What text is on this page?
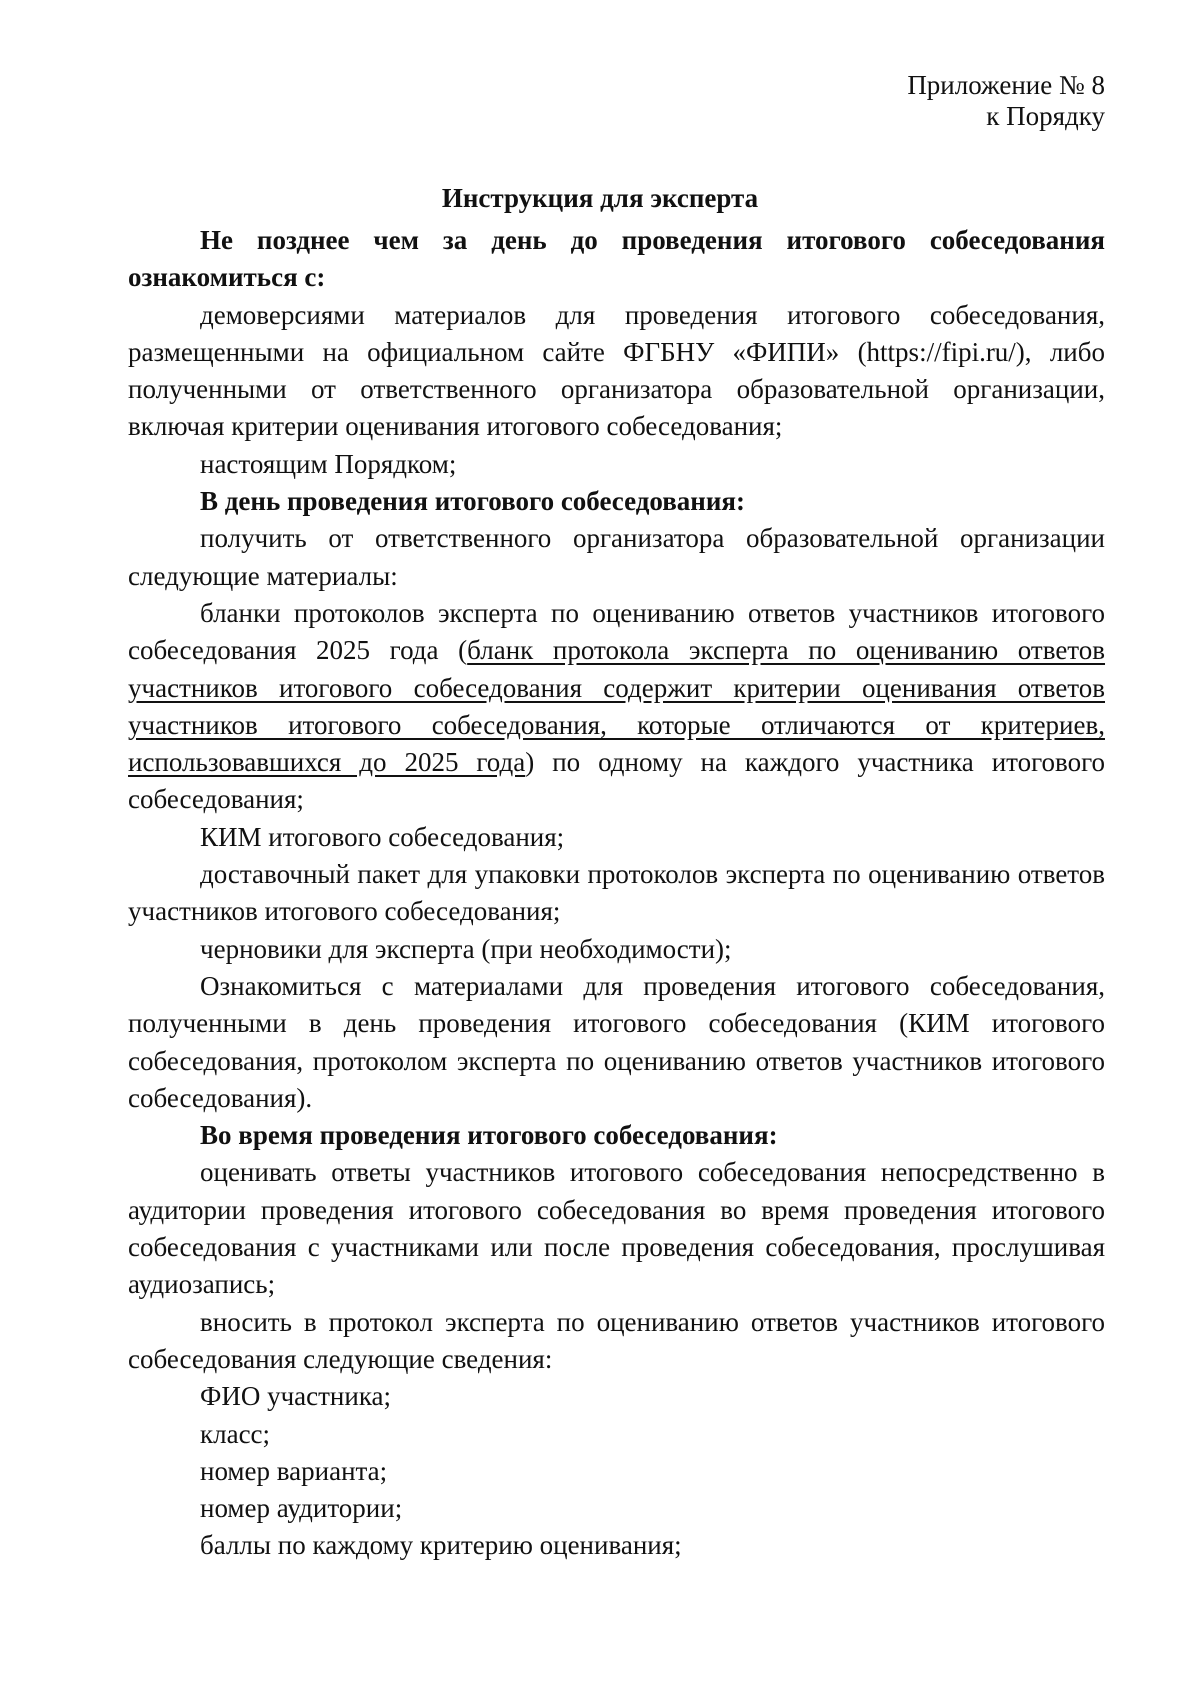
Приложение № 8
к Порядку
Инструкция для эксперта

Не позднее чем за день до проведения итогового собеседования ознакомиться с:

демоверсиями материалов для проведения итогового собеседования, размещенными на официальном сайте ФГБНУ «ФИПИ» (https://fipi.ru/), либо полученными от ответственного организатора образовательной организации, включая критерии оценивания итогового собеседования;

настоящим Порядком;

В день проведения итогового собеседования:

получить от ответственного организатора образовательной организации следующие материалы:

бланки протоколов эксперта по оцениванию ответов участников итогового собеседования 2025 года (бланк протокола эксперта по оцениванию ответов участников итогового собеседования содержит критерии оценивания ответов участников итогового собеседования, которые отличаются от критериев, использовавшихся до 2025 года) по одному на каждого участника итогового собеседования;

КИМ итогового собеседования;

доставочный пакет для упаковки протоколов эксперта по оцениванию ответов участников итогового собеседования;

черновики для эксперта (при необходимости);

Ознакомиться с материалами для проведения итогового собеседования, полученными в день проведения итогового собеседования (КИМ итогового собеседования, протоколом эксперта по оцениванию ответов участников итогового собеседования).

Во время проведения итогового собеседования:

оценивать ответы участников итогового собеседования непосредственно в аудитории проведения итогового собеседования во время проведения итогового собеседования с участниками или после проведения собеседования, прослушивая аудиозапись;

вносить в протокол эксперта по оцениванию ответов участников итогового собеседования следующие сведения:

ФИО участника;

класс;

номер варианта;

номер аудитории;

баллы по каждому критерию оценивания;
